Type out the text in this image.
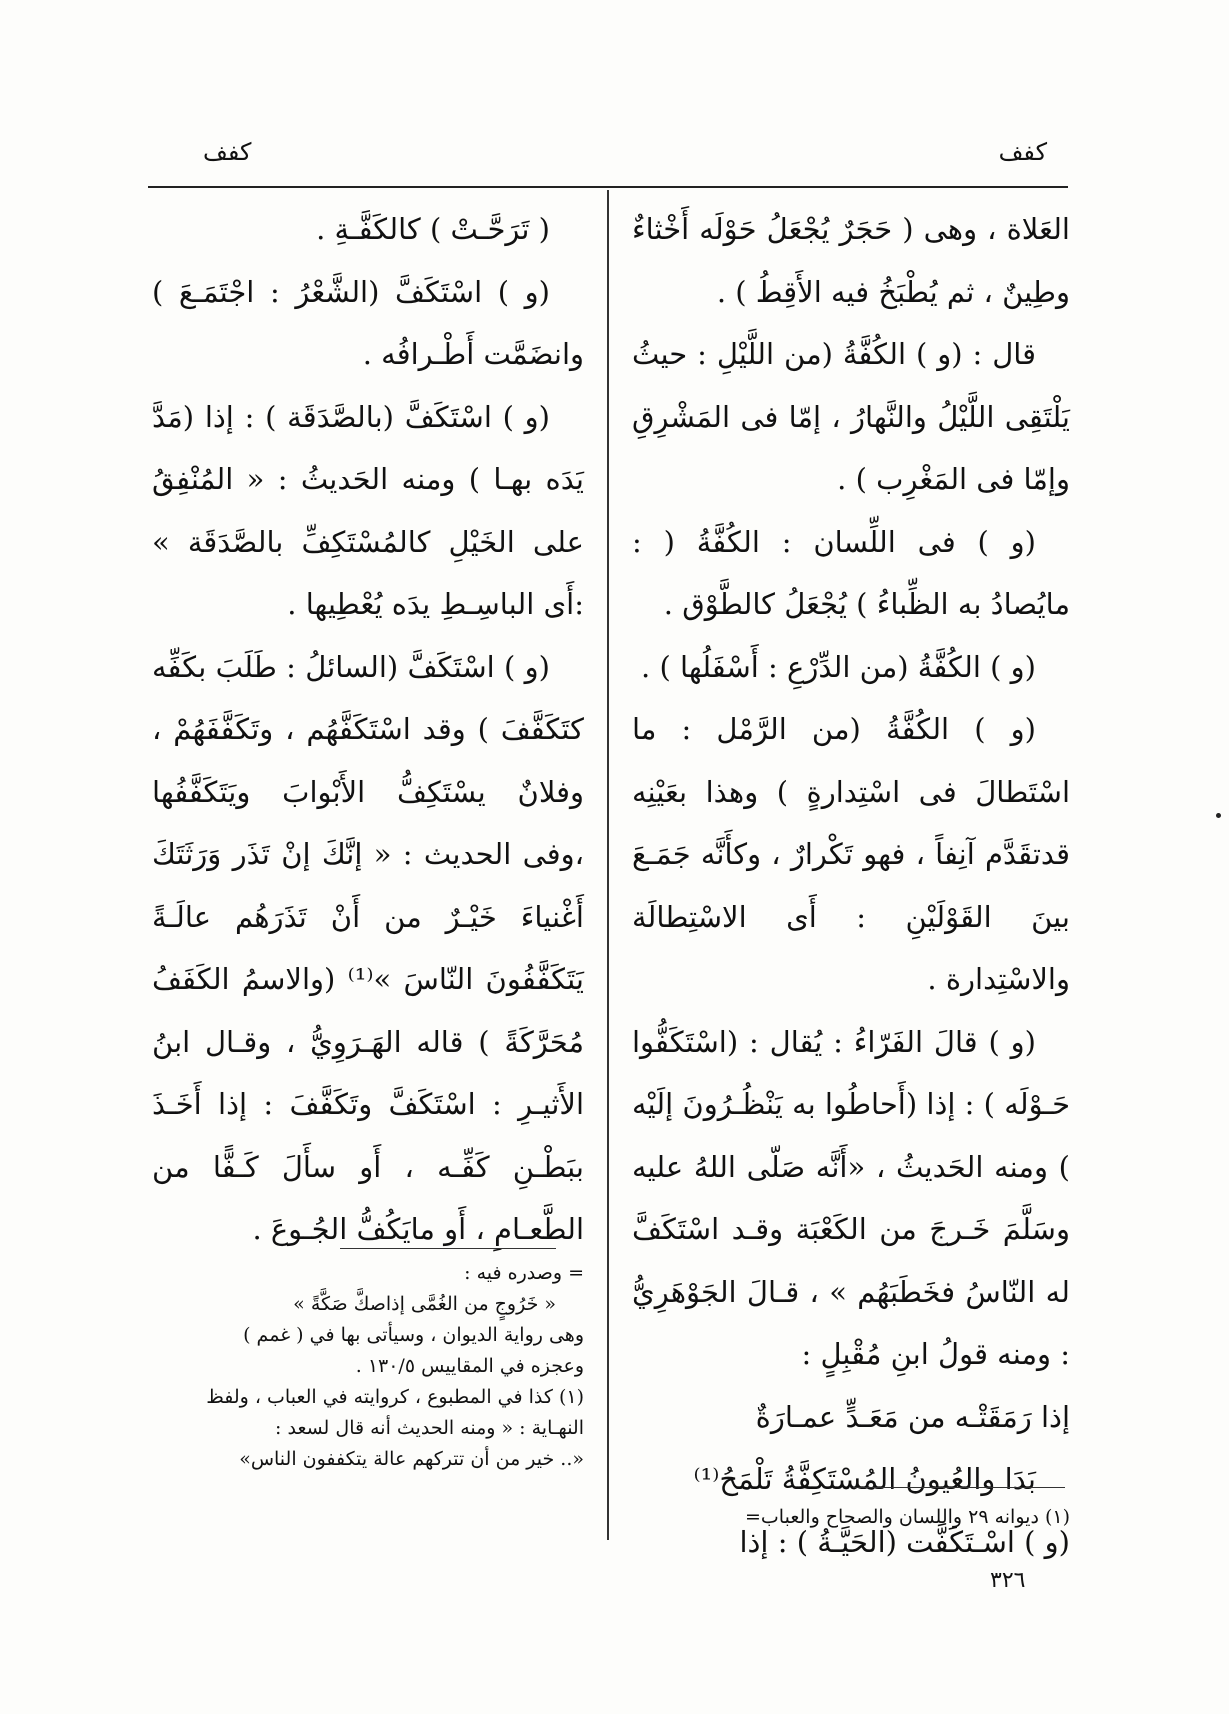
كفف
كفف

العَلاة ، وهى ( حَجَرٌ يُجْعَلُ حَوْلَه أَخْثاءٌ وطِينٌ ، ثم يُطْبَخُ فيه الأَقِطُ ) .

قال : (و ) الكُفَّةُ (من اللَّيْلِ : حيثُ يَلْتَقِى اللَّيْلُ والنَّهارُ ، إمّا فى المَشْرِقِ وإمّا فى المَغْرِب ) .

(و ) فى اللِّسان : الكُفَّةُ ( : مايُصادُ به الظِّباءُ ) يُجْعَلُ كالطَّوْق .

(و ) الكُفَّةُ (من الدِّرْعِ : أَسْفَلُها ) .

(و ) الكُفَّةُ (من الرَّمْل : ما اسْتَطالَ فى اسْتِدارةٍ ) وهذا بعَيْنِه قدتقَدَّم آنِفاً ، فهو تَكْرارٌ ، وكأَنَّه جَمَـعَ بينَ القَوْلَيْنِ : أَى الاسْتِطالَة والاسْتِدارة .

(و ) قالَ الفَرّاءُ : يُقال : (اسْتَكَفُّوا حَـوْلَه ) : إذا (أَحاطُوا به يَنْظُـرُونَ إلَيْه ) ومنه الحَديثُ ، «أَنَّه صَلّى اللهُ عليه وسَلَّمَ خَـرجَ من الكَعْبَة وقـد اسْتَكَفَّ له النّاسُ فخَطَبَهُم » ، قـالَ الجَوْهَرِيُّ : ومنه قولُ ابنِ مُقْبِلٍ :

إذا رَمَقَتْـه من مَعَـدٍّ عمـارَةٌ

بَدَا والعُيونُ المُسْتَكِفَّةُ تَلْمَحُ⁽¹⁾

(و ) اسْـتَكَفَّت (الحَيَّـةُ ) : إذا

(١) ديوانه ٢٩ واللسان والصحاح والعباب=

( تَرَحَّـتْ ) كالكَفَّـةِ .

(و ) اسْتَكَفَّ (الشَّعْرُ : اجْتَمَـعَ ) وانضَمَّت أَطْـرافُه .

(و ) اسْتَكَفَّ (بالصَّدَقَة ) : إذا (مَدَّ يَدَه بهـا ) ومنه الحَديثُ : « المُنْفِقُ على الخَيْلِ كالمُسْتَكِفِّ بالصَّدَقَة » :أَى الباسِـطِ يدَه يُعْطِيها .

(و ) اسْتَكَفَّ (السائلُ : طَلَبَ بكَفِّه كتَكَفَّفَ ) وقد اسْتَكَفَّهُم ، وتَكَفَّفَهُمْ ، وفلانٌ يسْتَكِفُّ الأَبْوابَ ويَتَكَفَّفُها ،وفى الحديث : « إنَّكَ إنْ تَذَر وَرَثَتَكَ أَغْنياءَ خَيْـرٌ من أَنْ تَذَرَهُم عالَـةً يَتَكَفَّفُونَ النّاسَ »⁽¹⁾ (والاسمُ الكَفَفُ مُحَرَّكَةً ) قاله الهَـرَوِيُّ ، وقـال ابنُ الأَثيـرِ : اسْتَكَفَّ وتَكَفَّفَ : إذا أَخَـذَ ببَطْـنِ كَفِّـه ، أَو سأَلَ كَـفًّا من الطَّعـامِ ، أَو مايَكُفُّ الجُـوعَ .

= وصدره فيه :

« خَرُوجٍ من الغُمَّى إذاصكَّ صَكَّةً »

وهى رواية الديوان ، وسيأتى بها في ( غمم )

وعجزه في المقاييس ١٣٠/٥ .

(١) كذا في المطبوع ، كروايته في العباب ، ولفظ

النهـاية : « ومنه الحديث أنه قال لسعد :

«.. خير من أن تتركهم عالة يتكففون الناس»

٣٢٦
